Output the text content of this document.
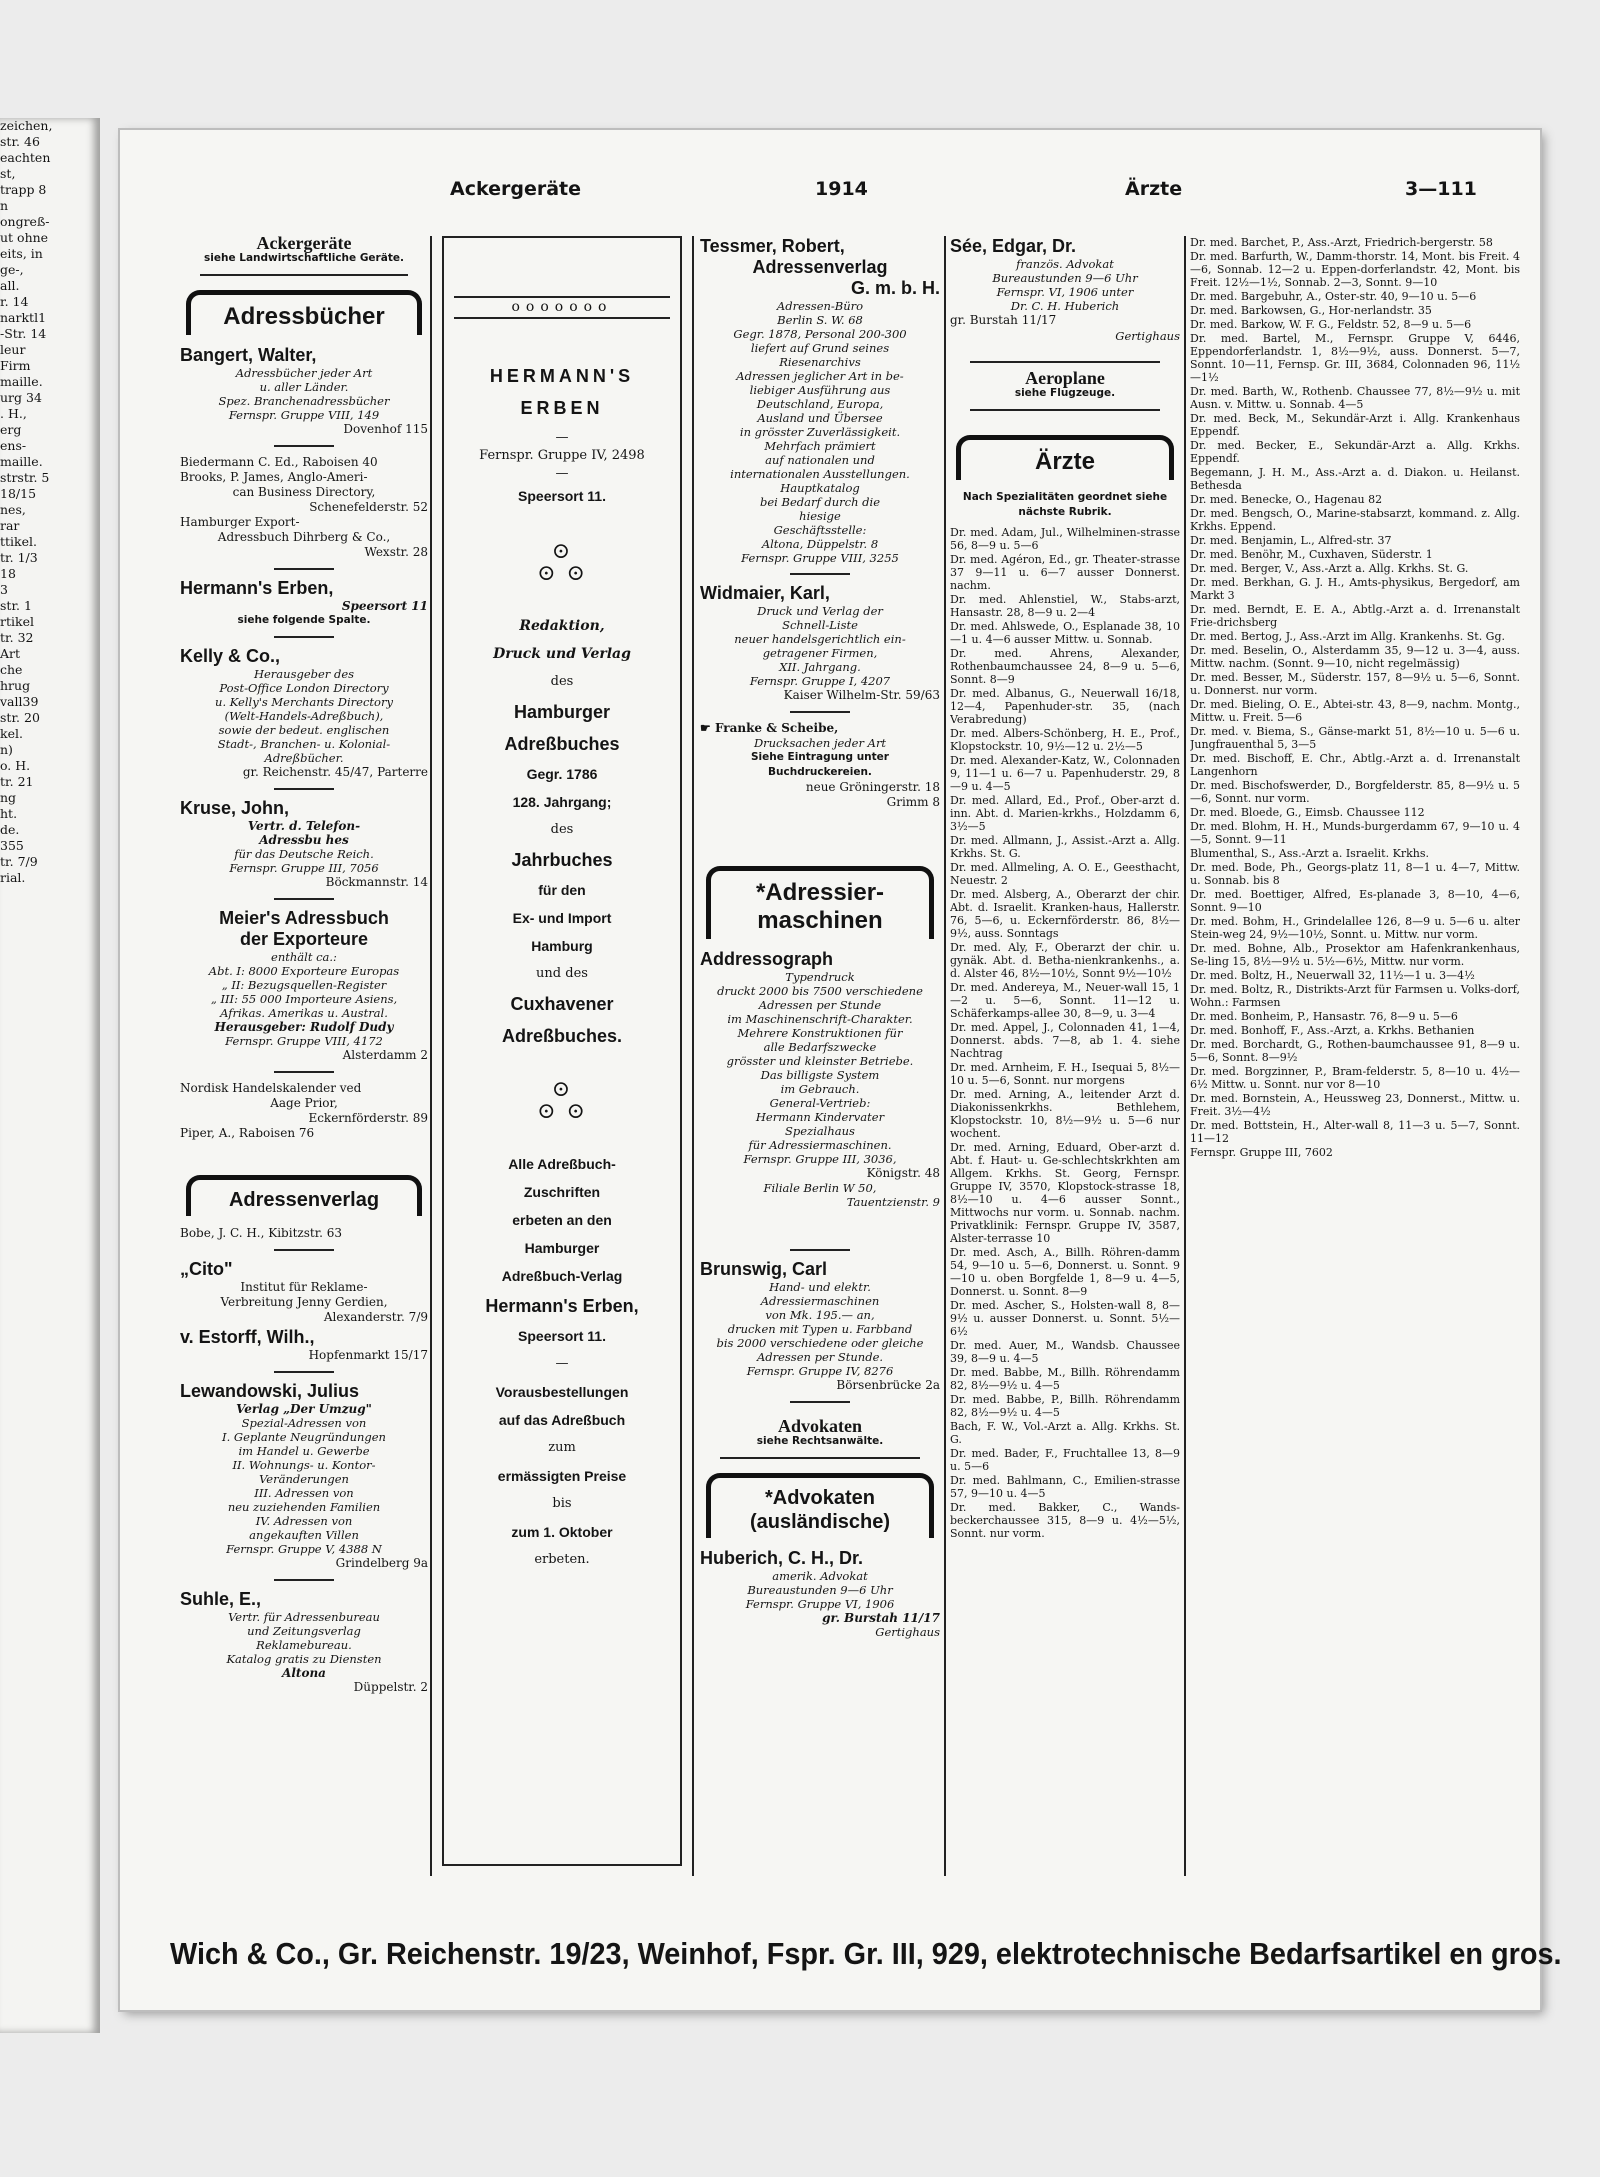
zeichen,
str. 46
eachten
st,
trapp 8
n
ongreß-
ut ohne
eits, in
ge-,
all.
r. 14
narktl1
-Str. 14
leur
Firm
maille.
urg 34
. H.,
erg
ens-
maille.
strstr. 5
18/15
nes,
rar
ttikel.
tr. 1/3
18
3
str. 1
rtikel
tr. 32
Art
che
hrug
vall39
str. 20
kel.
n)
o. H.
tr. 21
ng
ht.
de.
355
tr. 7/9
rial.
Ackergeräte	1914	Ärzte	3—111
Ackergeräte
siehe Landwirtschaftliche Geräte.
Adressbücher
Bangert, Walter,
Adressbücher jeder Art
u. aller Länder.
Spez. Branchenadressbücher
Fernspr. Gruppe VIII, 149
Dovenhof 115
Biedermann C. Ed., Raboisen 40
Brooks, P. James, Anglo-Ameri-
can Business Directory,
Schenefelderstr. 52
Hamburger Export-
Adressbuch Dihrberg & Co.,
Wexstr. 28
Hermann's Erben,
Speersort 11
siehe folgende Spalte.
Kelly & Co.,
Herausgeber des
Post-Office London Directory
u. Kelly's Merchants Directory
(Welt-Handels-Adreßbuch),
sowie der bedeut. englischen
Stadt-, Branchen- u. Kolonial-
Adreßbücher.
gr. Reichenstr. 45/47, Parterre
Kruse, John,
Vertr. d. Telefon-
Adressbu hes
für das Deutsche Reich.
Fernspr. Gruppe III, 7056
Böckmannstr. 14
Meier's Adressbuch
der Exporteure
enthält ca.:
Abt. I: 8000 Exporteure Europas
„ II: Bezugsquellen-Register
„ III: 55 000 Importeure Asiens,
Afrikas. Amerikas u. Austral.
Herausgeber: Rudolf Dudy
Fernspr. Gruppe VIII, 4172
Alsterdamm 2
Nordisk Handelskalender ved
Aage Prior,
Eckernförderstr. 89
Piper, A., Raboisen 76
Adressenverlag
Bobe, J. C. H., Kibitzstr. 63
„Cito"
Institut für Reklame-
Verbreitung Jenny Gerdien,
Alexanderstr. 7/9
v. Estorff, Wilh.,
Hopfenmarkt 15/17
Lewandowski, Julius
Verlag „Der Umzug"
Spezial-Adressen von
I. Geplante Neugründungen
im Handel u. Gewerbe
II. Wohnungs- u. Kontor-
Veränderungen
III. Adressen von
neu zuziehenden Familien
IV. Adressen von
angekauften Villen
Fernspr. Gruppe V, 4388 N
Grindelberg 9a
Suhle, E.,
Vertr. für Adressenbureau
und Zeitungsverlag
Reklamebureau.
Katalog gratis zu Diensten
Altona
Düppelstr. 2
ooooooo
HERMANN'S
ERBEN
—
Fernspr. Gruppe IV, 2498
—
Speersort 11.
⊙
⊙ ⊙
Redaktion,
Druck und Verlag
des
Hamburger
Adreßbuches
Gegr. 1786
128. Jahrgang;
des
Jahrbuches
für den
Ex- und Import
Hamburg
und des
Cuxhavener
Adreßbuches.
⊙
⊙ ⊙
Alle Adreßbuch-
Zuschriften
erbeten an den
Hamburger
Adreßbuch-Verlag
Hermann's Erben,
Speersort 11.
—
Vorausbestellungen
auf das Adreßbuch
zum
ermässigten Preise
bis
zum 1. Oktober
erbeten.
Tessmer, Robert,
Adressenverlag
G. m. b. H.
Adressen-Büro
Berlin S. W. 68
Gegr. 1878, Personal 200-300
liefert auf Grund seines
Riesenarchivs
Adressen jeglicher Art in be-
liebiger Ausführung aus
Deutschland, Europa,
Ausland und Übersee
in grösster Zuverlässigkeit.
Mehrfach prämiert
auf nationalen und
internationalen Ausstellungen.
Hauptkatalog
bei Bedarf durch die
hiesige
Geschäftsstelle:
Altona, Düppelstr. 8
Fernspr. Gruppe VIII, 3255
Widmaier, Karl,
Druck und Verlag der
Schnell-Liste
neuer handelsgerichtlich ein-
getragener Firmen,
XII. Jahrgang.
Fernspr. Gruppe I, 4207
Kaiser Wilhelm-Str. 59/63
☛ Franke & Scheibe,
Drucksachen jeder Art
Siehe Eintragung unter
Buchdruckereien.
neue Gröningerstr. 18
Grimm 8
*Adressier-maschinen
Addressograph
Typendruck
druckt 2000 bis 7500 verschiedene
Adressen per Stunde
im Maschinenschrift-Charakter.
Mehrere Konstruktionen für
alle Bedarfszwecke
grösster und kleinster Betriebe.
Das billigste System
im Gebrauch.
General-Vertrieb:
Hermann Kindervater
Spezialhaus
für Adressiermaschinen.
Fernspr. Gruppe III, 3036,
Königstr. 48
Filiale Berlin W 50,
Tauentzienstr. 9
Brunswig, Carl
Hand- und elektr.
Adressiermaschinen
von Mk. 195.— an,
drucken mit Typen u. Farbband
bis 2000 verschiedene oder gleiche
Adressen per Stunde.
Fernspr. Gruppe IV, 8276
Börsenbrücke 2a
Advokaten
siehe Rechtsanwälte.
*Advokaten (ausländische)
Huberich, C. H., Dr.
amerik. Advokat
Bureaustunden 9—6 Uhr
Fernspr. Gruppe VI, 1906
gr. Burstah 11/17
Gertighaus
Sée, Edgar, Dr.
französ. Advokat
Bureaustunden 9—6 Uhr
Fernspr. VI, 1906 unter
Dr. C. H. Huberich
gr. Burstah 11/17
Gertighaus
Aeroplane
siehe Flugzeuge.
Ärzte
Nach Spezialitäten geordnet siehe nächste Rubrik.
Dr. med. Adam, Jul., Wilhelminen-strasse 56, 8—9 u. 5—6
Dr. med. Agéron, Ed., gr. Theater-strasse 37 9—11 u. 6—7 ausser Donnerst. nachm.
Dr. med. Ahlenstiel, W., Stabs-arzt, Hansastr. 28, 8—9 u. 2—4
Dr. med. Ahlswede, O., Esplanade 38, 10—1 u. 4—6 ausser Mittw. u. Sonnab.
Dr. med. Ahrens, Alexander, Rothenbaumchaussee 24, 8—9 u. 5—6, Sonnt. 8—9
Dr. med. Albanus, G., Neuerwall 16/18, 12—4, Papenhuder-str. 35, (nach Verabredung)
Dr. med. Albers-Schönberg, H. E., Prof., Klopstockstr. 10, 9½—12 u. 2½—5
Dr. med. Alexander-Katz, W., Colonnaden 9, 11—1 u. 6—7 u. Papenhuderstr. 29, 8—9 u. 4—5
Dr. med. Allard, Ed., Prof., Ober-arzt d. inn. Abt. d. Marien-krkhs., Holzdamm 6, 3½—5
Dr. med. Allmann, J., Assist.-Arzt a. Allg. Krkhs. St. G.
Dr. med. Allmeling, A. O. E., Geesthacht, Neuestr. 2
Dr. med. Alsberg, A., Oberarzt der chir. Abt. d. Israelit. Kranken-haus, Hallerstr. 76, 5—6, u. Eckernförderstr. 86, 8½—9½, auss. Sonntags
Dr. med. Aly, F., Oberarzt der chir. u. gynäk. Abt. d. Betha-nienkrankenhs., a. d. Alster 46, 8½—10½, Sonnt 9½—10½
Dr. med. Andereya, M., Neuer-wall 15, 1—2 u. 5—6, Sonnt. 11—12 u. Schäferkamps-allee 30, 8—9, u. 3—4
Dr. med. Appel, J., Colonnaden 41, 1—4, Donnerst. abds. 7—8, ab 1. 4. siehe Nachtrag
Dr. med. Arnheim, F. H., Isequai 5, 8½—10 u. 5—6, Sonnt. nur morgens
Dr. med. Arning, A., leitender Arzt d. Diakonissenkrkhs. Bethlehem, Klopstockstr. 10, 8½—9½ u. 5—6 nur wochent.
Dr. med. Arning, Eduard, Ober-arzt d. Abt. f. Haut- u. Ge-schlechtskrkhten am Allgem. Krkhs. St. Georg, Fernspr. Gruppe IV, 3570, Klopstock-strasse 18, 8½—10 u. 4—6 ausser Sonnt., Mittwochs nur vorm. u. Sonnab. nachm. Privatklinik: Fernspr. Gruppe IV, 3587, Alster-terrasse 10
Dr. med. Asch, A., Billh. Röhren-damm 54, 9—10 u. 5—6, Donnerst. u. Sonnt. 9—10 u. oben Borgfelde 1, 8—9 u. 4—5, Donnerst. u. Sonnt. 8—9
Dr. med. Ascher, S., Holsten-wall 8, 8—9½ u. ausser Donnerst. u. Sonnt. 5½—6½
Dr. med. Auer, M., Wandsb. Chaussee 39, 8—9 u. 4—5
Dr. med. Babbe, M., Billh. Röhrendamm 82, 8½—9½ u. 4—5
Dr. med. Babbe, P., Billh. Röhrendamm 82, 8½—9½ u. 4—5
Bach, F. W., Vol.-Arzt a. Allg. Krkhs. St. G.
Dr. med. Bader, F., Fruchtallee 13, 8—9 u. 5—6
Dr. med. Bahlmann, C., Emilien-strasse 57, 9—10 u. 4—5
Dr. med. Bakker, C., Wands-beckerchaussee 315, 8—9 u. 4½—5½, Sonnt. nur vorm.
Dr. med. Barchet, P., Ass.-Arzt, Friedrich-bergerstr. 58
Dr. med. Barfurth, W., Damm-thorstr. 14, Mont. bis Freit. 4—6, Sonnab. 12—2 u. Eppen-dorferlandstr. 42, Mont. bis Freit. 12½—1½, Sonnab. 2—3, Sonnt. 9—10
Dr. med. Bargebuhr, A., Oster-str. 40, 9—10 u. 5—6
Dr. med. Barkowsen, G., Hor-nerlandstr. 35
Dr. med. Barkow, W. F. G., Feldstr. 52, 8—9 u. 5—6
Dr. med. Bartel, M., Fernspr. Gruppe V, 6446, Eppendorferlandstr. 1, 8½—9½, auss. Donnerst. 5—7, Sonnt. 10—11, Fernsp. Gr. III, 3684, Colonnaden 96, 11½—1½
Dr. med. Barth, W., Rothenb. Chaussee 77, 8½—9½ u. mit Ausn. v. Mittw. u. Sonnab. 4—5
Dr. med. Beck, M., Sekundär-Arzt i. Allg. Krankenhaus Eppendf.
Dr. med. Becker, E., Sekundär-Arzt a. Allg. Krkhs. Eppendf.
Begemann, J. H. M., Ass.-Arzt a. d. Diakon. u. Heilanst. Bethesda
Dr. med. Benecke, O., Hagenau 82
Dr. med. Bengsch, O., Marine-stabsarzt, kommand. z. Allg. Krkhs. Eppend.
Dr. med. Benjamin, L., Alfred-str. 37
Dr. med. Benöhr, M., Cuxhaven, Süderstr. 1
Dr. med. Berger, V., Ass.-Arzt a. Allg. Krkhs. St. G.
Dr. med. Berkhan, G. J. H., Amts-physikus, Bergedorf, am Markt 3
Dr. med. Berndt, E. E. A., Abtlg.-Arzt a. d. Irrenanstalt Frie-drichsberg
Dr. med. Bertog, J., Ass.-Arzt im Allg. Krankenhs. St. Gg.
Dr. med. Beselin, O., Alsterdamm 35, 9—12 u. 3—4, auss. Mittw. nachm. (Sonnt. 9—10, nicht regelmässig)
Dr. med. Besser, M., Süderstr. 157, 8—9½ u. 5—6, Sonnt. u. Donnerst. nur vorm.
Dr. med. Bieling, O. E., Abtei-str. 43, 8—9, nachm. Montg., Mittw. u. Freit. 5—6
Dr. med. v. Biema, S., Gänse-markt 51, 8½—10 u. 5—6 u. Jungfrauenthal 5, 3—5
Dr. med. Bischoff, E. Chr., Abtlg.-Arzt a. d. Irrenanstalt Langenhorn
Dr. med. Bischofswerder, D., Borgfelderstr. 85, 8—9½ u. 5—6, Sonnt. nur vorm.
Dr. med. Bloede, G., Eimsb. Chaussee 112
Dr. med. Blohm, H. H., Munds-burgerdamm 67, 9—10 u. 4—5, Sonnt. 9—11
Blumenthal, S., Ass.-Arzt a. Israelit. Krkhs.
Dr. med. Bode, Ph., Georgs-platz 11, 8—1 u. 4—7, Mittw. u. Sonnab. bis 8
Dr. med. Boettiger, Alfred, Es-planade 3, 8—10, 4—6, Sonnt. 9—10
Dr. med. Bohm, H., Grindelallee 126, 8—9 u. 5—6 u. alter Stein-weg 24, 9½—10½, Sonnt. u. Mittw. nur vorm.
Dr. med. Bohne, Alb., Prosektor am Hafenkrankenhaus, Se-ling 15, 8½—9½ u. 5½—6½, Mittw. nur vorm.
Dr. med. Boltz, H., Neuerwall 32, 11½—1 u. 3—4½
Dr. med. Boltz, R., Distrikts-Arzt für Farmsen u. Volks-dorf, Wohn.: Farmsen
Dr. med. Bonheim, P., Hansastr. 76, 8—9 u. 5—6
Dr. med. Bonhoff, F., Ass.-Arzt, a. Krkhs. Bethanien
Dr. med. Borchardt, G., Rothen-baumchaussee 91, 8—9 u. 5—6, Sonnt. 8—9½
Dr. med. Borgzinner, P., Bram-felderstr. 5, 8—10 u. 4½—6½ Mittw. u. Sonnt. nur vor 8—10
Dr. med. Bornstein, A., Heussweg 23, Donnerst., Mittw. u. Freit. 3½—4½
Dr. med. Bottstein, H., Alter-wall 8, 11—3 u. 5—7, Sonnt. 11—12
Fernspr. Gruppe III, 7602
Wich & Co., Gr. Reichenstr. 19/23, Weinhof, Fspr. Gr. III, 929, elektrotechnische Bedarfsartikel en gros.
